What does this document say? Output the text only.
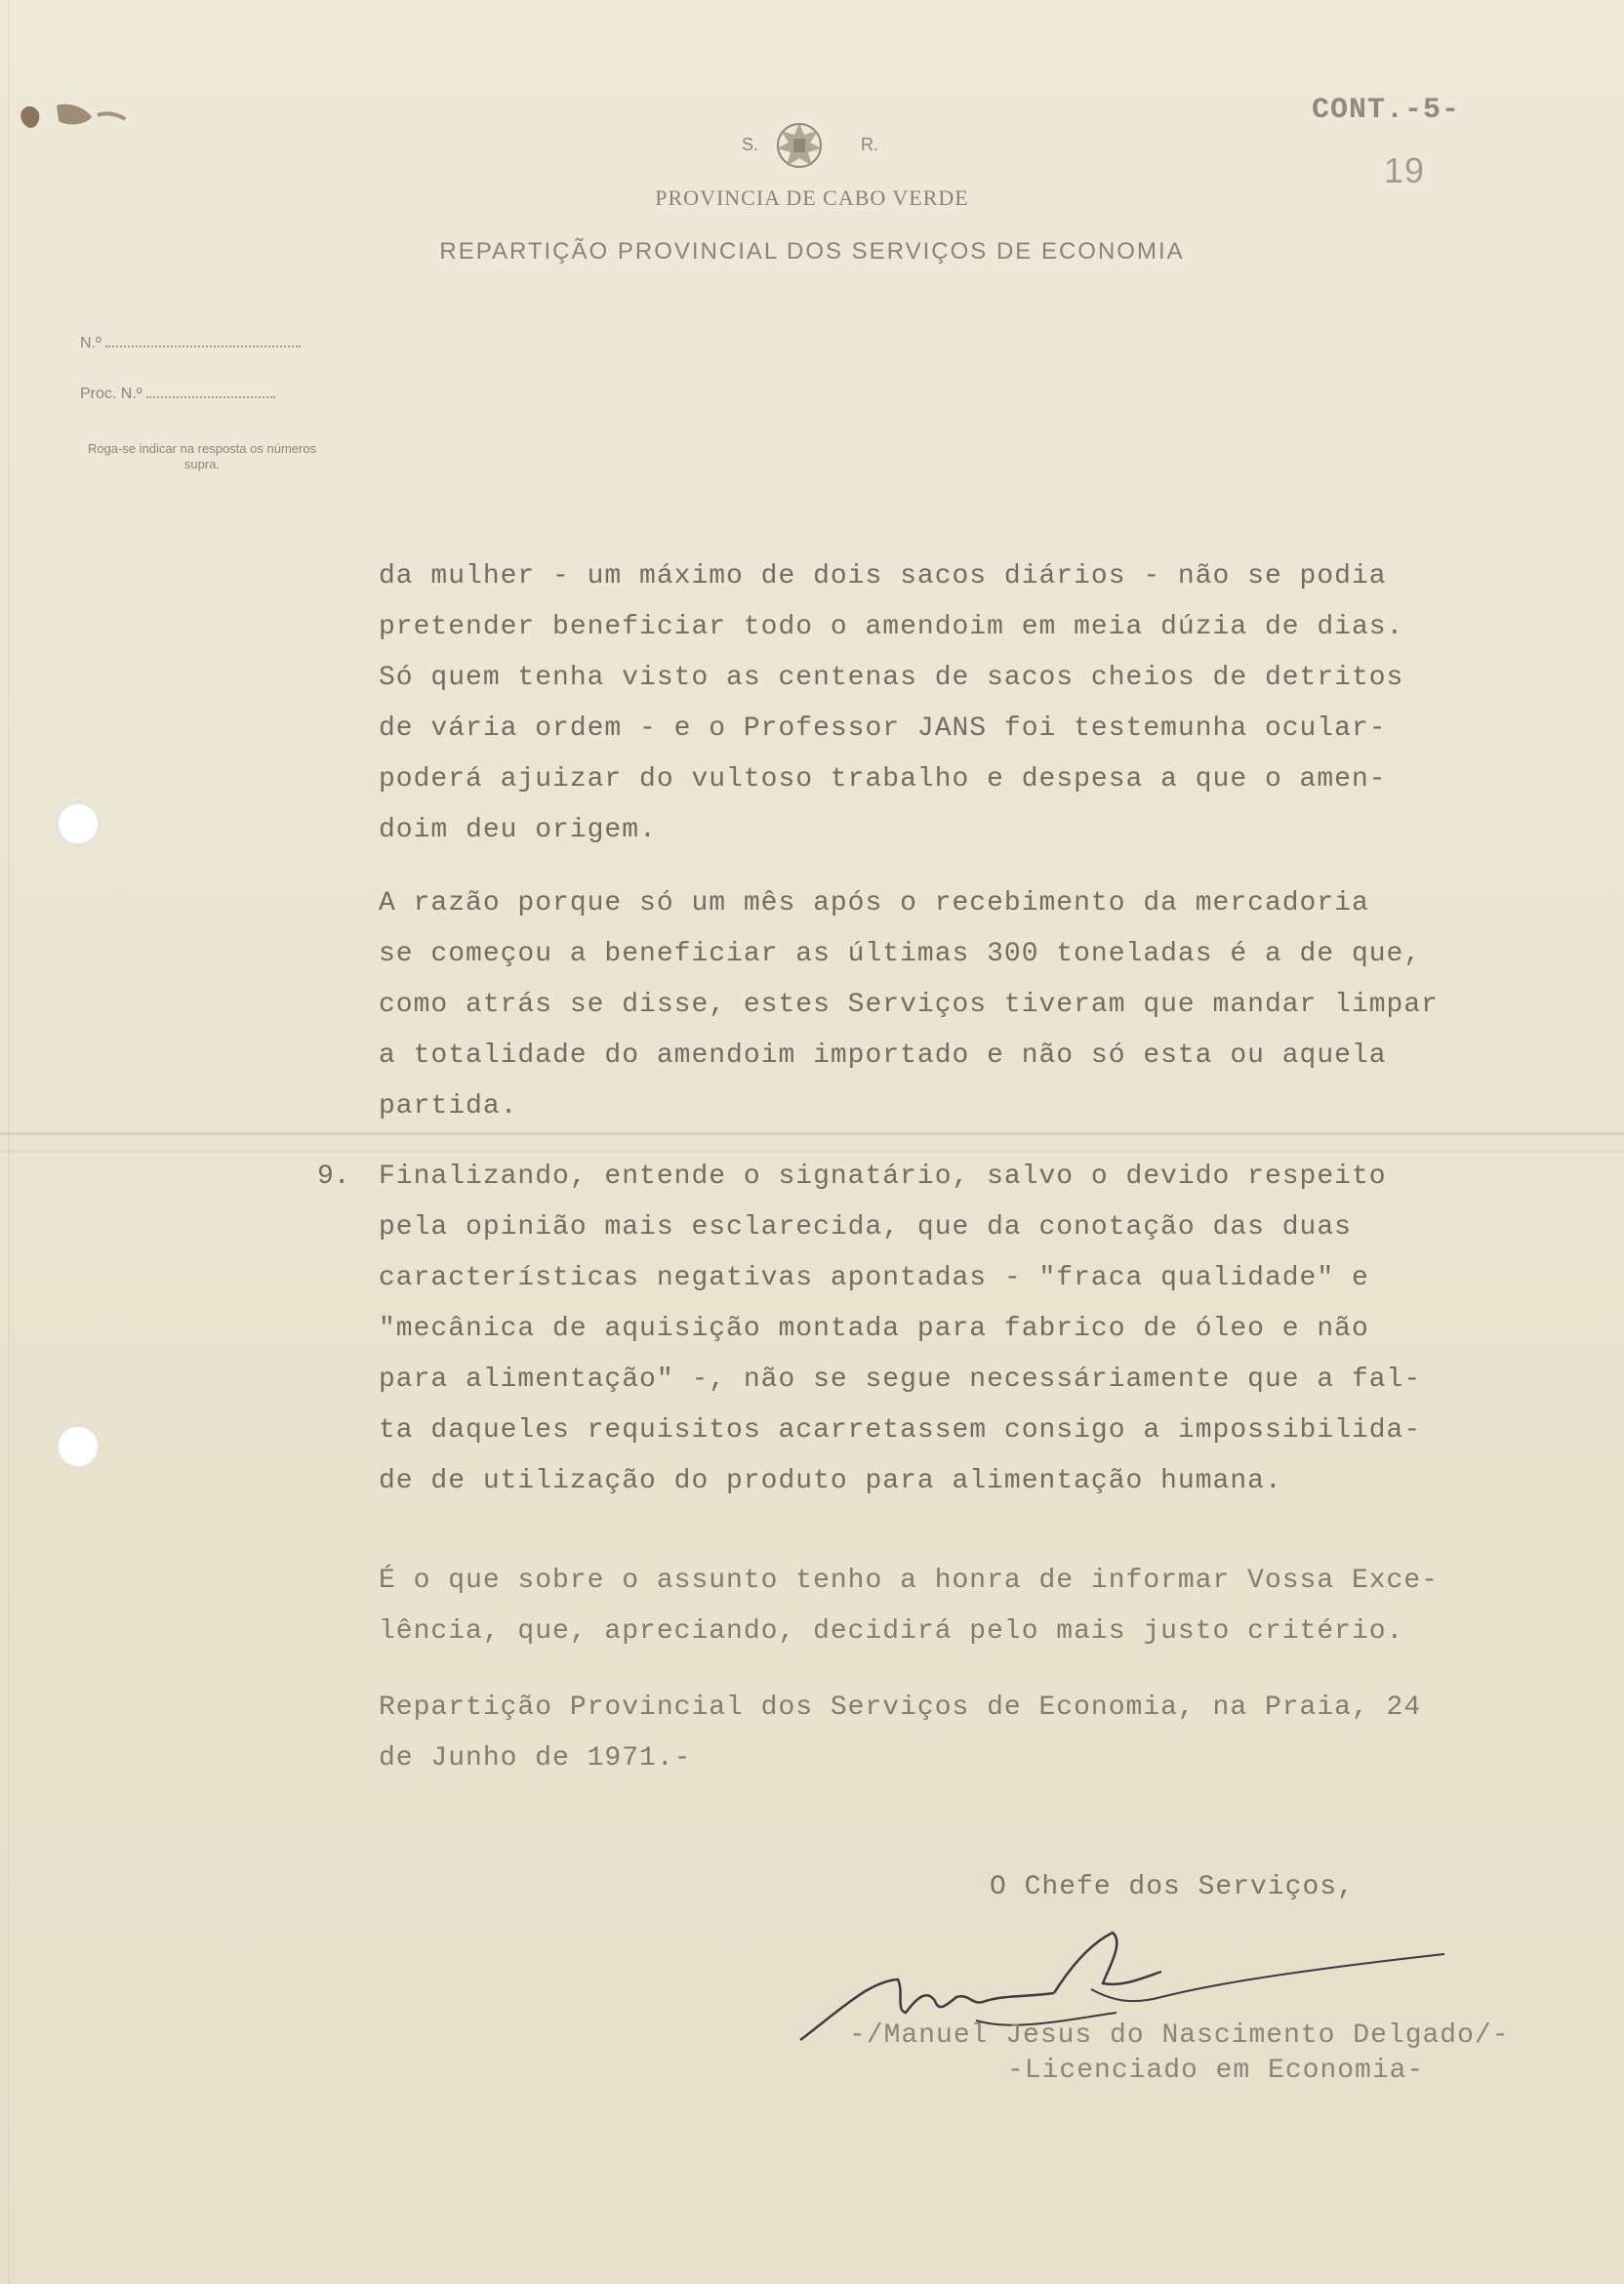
CONT.-5-
19
S.	R.
PROVINCIA DE CABO VERDE
REPARTIÇÃO PROVINCIAL DOS SERVIÇOS DE ECONOMIA
N.º
Proc. N.º
Roga-se indicar na resposta os números supra.
da mulher - um máximo de dois sacos diários - não se podia
pretender beneficiar todo o amendoim em meia dúzia de dias.
Só quem tenha visto as centenas de sacos cheios de detritos
de vária ordem - e o Professor JANS foi testemunha ocular-
poderá ajuizar do vultoso trabalho e despesa a que o amen-
doim deu origem.
A razão porque só um mês após o recebimento da mercadoria
se começou a beneficiar as últimas 300 toneladas é a de que,
como atrás se disse, estes Serviços tiveram que mandar limpar
a totalidade do amendoim importado e não só esta ou aquela
partida.
9. Finalizando, entende o signatário, salvo o devido respeito
pela opinião mais esclarecida, que da conotação das duas
características negativas apontadas - "fraca qualidade" e
"mecânica de aquisição montada para fabrico de óleo e não
para alimentação" -, não se segue necessáriamente que a fal-
ta daqueles requisitos acarretassem consigo a impossibilida-
de de utilização do produto para alimentação humana.
É o que sobre o assunto tenho a honra de informar Vossa Exce-
lência, que, apreciando, decidirá pelo mais justo critério.
Repartição Provincial dos Serviços de Economia, na Praia, 24
de Junho de 1971.-
O Chefe dos Serviços,
-/Manuel Jesus do Nascimento Delgado/-
-Licenciado em Economia-
